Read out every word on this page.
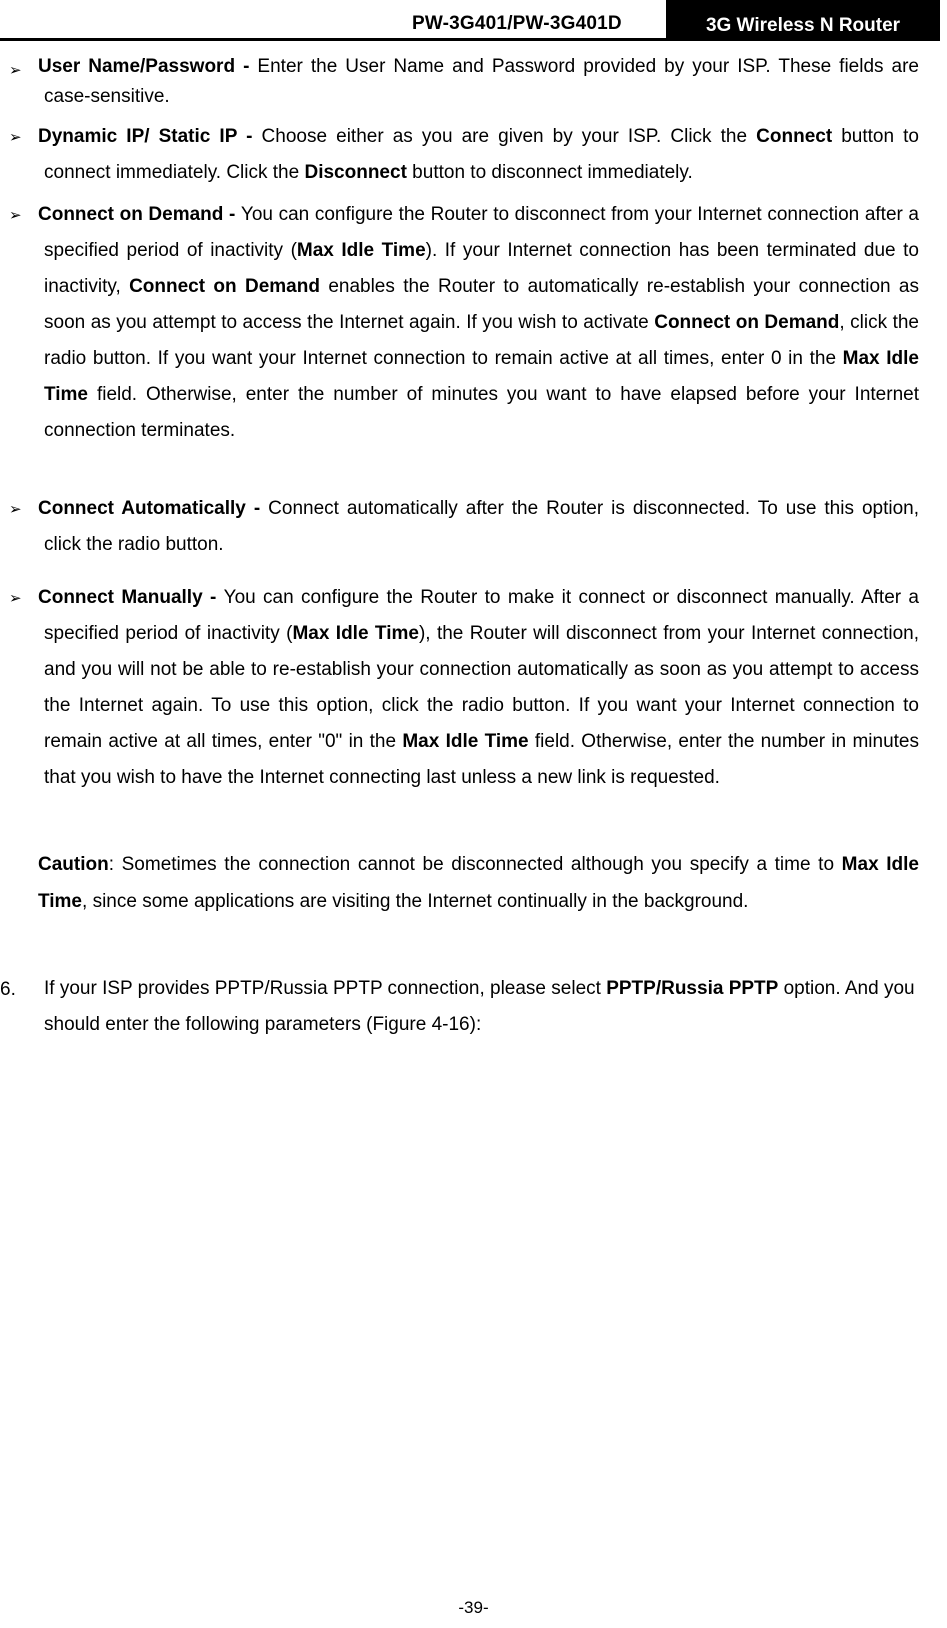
PW-3G401/PW-3G401D	3G Wireless N Router
➢ User Name/Password - Enter the User Name and Password provided by your ISP. These fields are case-sensitive.
➢ Dynamic IP/ Static IP - Choose either as you are given by your ISP. Click the Connect button to connect immediately. Click the Disconnect button to disconnect immediately.
➢ Connect on Demand - You can configure the Router to disconnect from your Internet connection after a specified period of inactivity (Max Idle Time). If your Internet connection has been terminated due to inactivity, Connect on Demand enables the Router to automatically re-establish your connection as soon as you attempt to access the Internet again. If you wish to activate Connect on Demand, click the radio button. If you want your Internet connection to remain active at all times, enter 0 in the Max Idle Time field. Otherwise, enter the number of minutes you want to have elapsed before your Internet connection terminates.
➢ Connect Automatically - Connect automatically after the Router is disconnected. To use this option, click the radio button.
➢ Connect Manually - You can configure the Router to make it connect or disconnect manually. After a specified period of inactivity (Max Idle Time), the Router will disconnect from your Internet connection, and you will not be able to re-establish your connection automatically as soon as you attempt to access the Internet again. To use this option, click the radio button. If you want your Internet connection to remain active at all times, enter "0" in the Max Idle Time field. Otherwise, enter the number in minutes that you wish to have the Internet connecting last unless a new link is requested.
Caution: Sometimes the connection cannot be disconnected although you specify a time to Max Idle Time, since some applications are visiting the Internet continually in the background.
6. If your ISP provides PPTP/Russia PPTP connection, please select PPTP/Russia PPTP option. And you should enter the following parameters (Figure 4-16):
-39-
